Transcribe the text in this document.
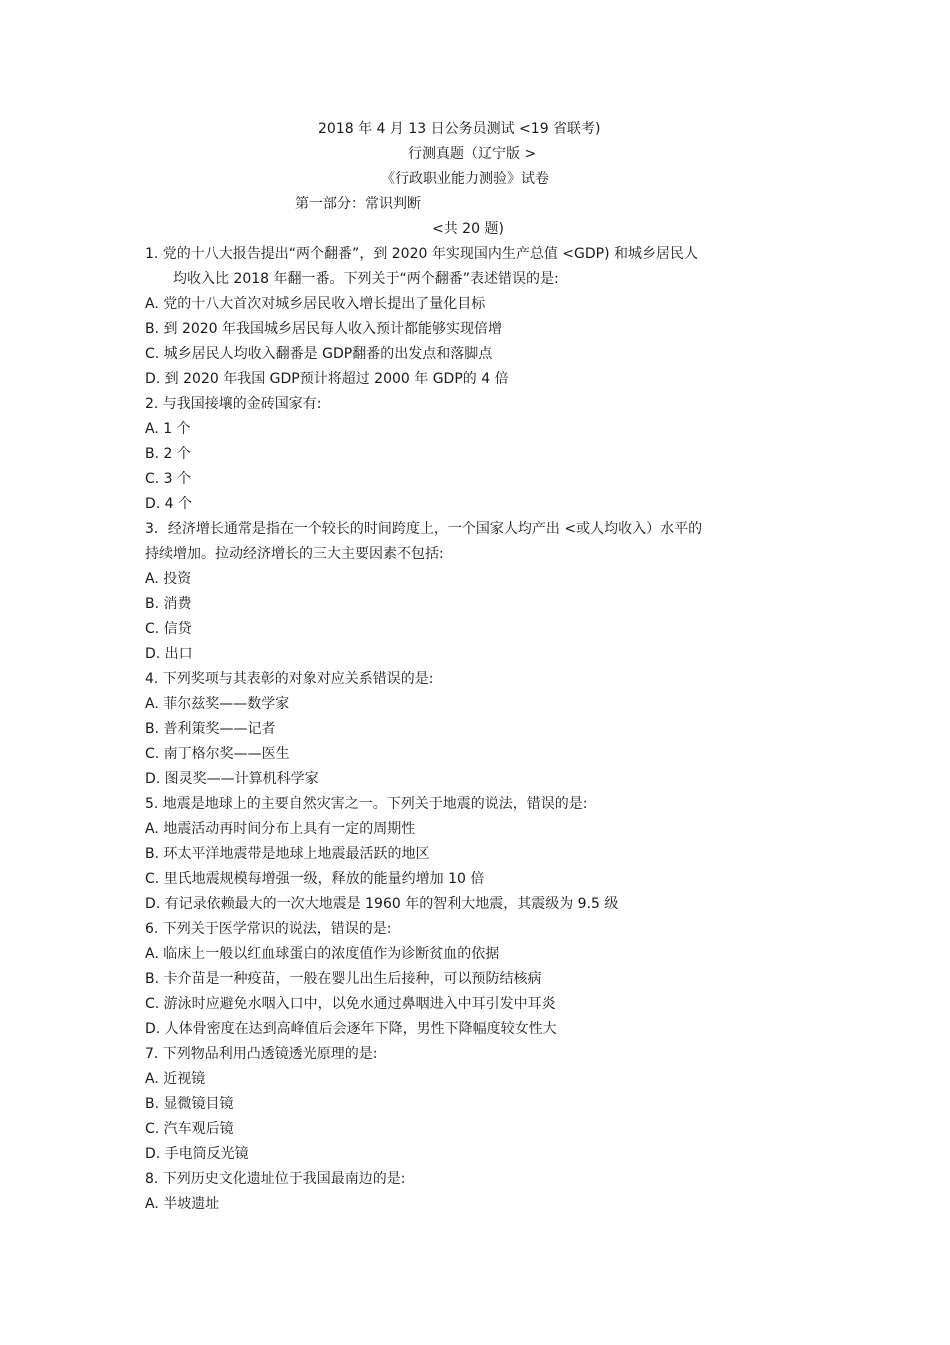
2018 年 4 月 13 日公务员测试 <19 省联考)
行测真题（辽宁版 >
《行政职业能力测验》试卷
第一部分：常识判断
<共 20 题)
1. 党的十八大报告提出“两个翻番”，到 2020 年实现国内生产总值 <GDP) 和城乡居民人
均收入比 2018 年翻一番。下列关于“两个翻番”表述错误的是:
A. 党的十八大首次对城乡居民收入增长提出了量化目标
B. 到 2020 年我国城乡居民每人收入预计都能够实现倍增
C. 城乡居民人均收入翻番是 GDP翻番的出发点和落脚点
D. 到 2020 年我国 GDP预计将超过 2000 年 GDP的 4 倍
2. 与我国接壤的金砖国家有:
A. 1 个
B. 2 个
C. 3 个
D. 4 个
3．经济增长通常是指在一个较长的时间跨度上，一个国家人均产出 <或人均收入）水平的
持续增加。拉动经济增长的三大主要因素不包括:
A. 投资
B. 消费
C. 信贷
D. 出口
4. 下列奖项与其表彰的对象对应关系错误的是:
A. 菲尔兹奖——数学家
B. 普利策奖——记者
C. 南丁格尔奖——医生
D. 图灵奖——计算机科学家
5. 地震是地球上的主要自然灾害之一。下列关于地震的说法，错误的是:
A. 地震活动再时间分布上具有一定的周期性
B. 环太平洋地震带是地球上地震最活跃的地区
C. 里氏地震规模每增强一级，释放的能量约增加 10 倍
D. 有记录依赖最大的一次大地震是 1960 年的智利大地震，其震级为 9.5 级
6. 下列关于医学常识的说法，错误的是:
A. 临床上一般以红血球蛋白的浓度值作为诊断贫血的依据
B. 卡介苗是一种疫苗，一般在婴儿出生后接种，可以预防结核病
C. 游泳时应避免水咽入口中，以免水通过鼻咽进入中耳引发中耳炎
D. 人体骨密度在达到高峰值后会逐年下降，男性下降幅度较女性大
7. 下列物品利用凸透镜透光原理的是:
A. 近视镜
B. 显微镜目镜
C. 汽车观后镜
D. 手电筒反光镜
8. 下列历史文化遗址位于我国最南边的是:
A. 半坡遗址
